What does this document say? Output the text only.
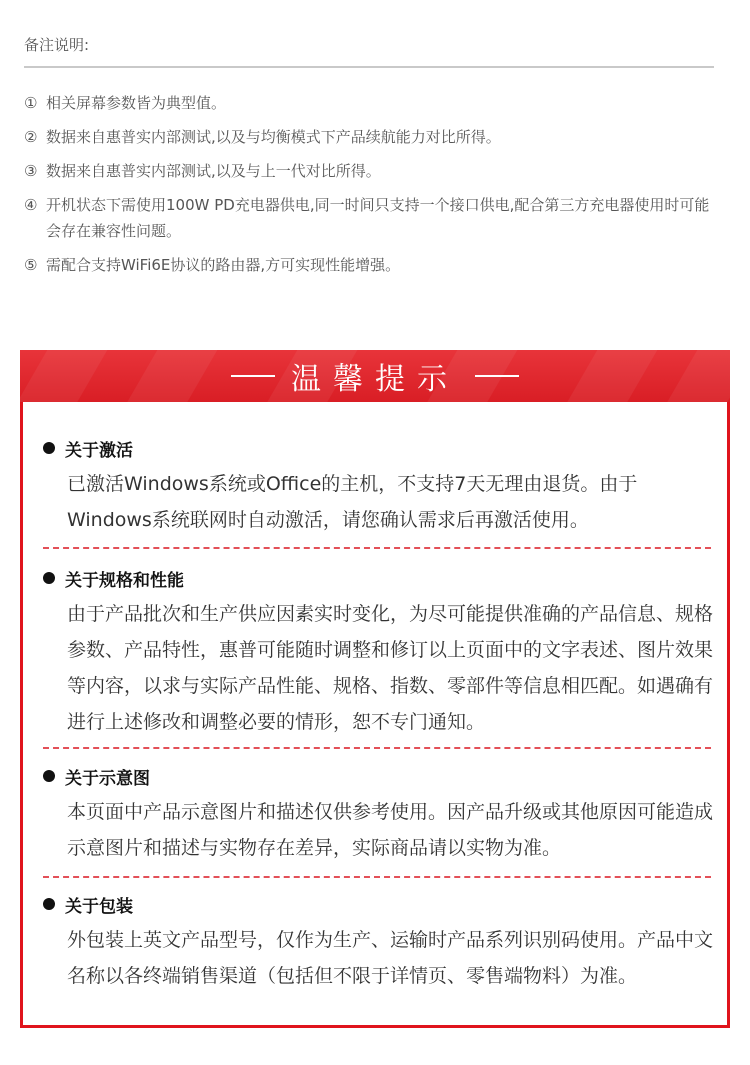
备注说明:
① 相关屏幕参数皆为典型值。
② 数据来自惠普实内部测试,以及与均衡模式下产品续航能力对比所得。
③ 数据来自惠普实内部测试,以及与上一代对比所得。
④ 开机状态下需使用100W PD充电器供电,同一时间只支持一个接口供电,配合第三方充电器使用时可能会存在兼容性问题。
⑤ 需配合支持WiFi6E协议的路由器,方可实现性能增强。
温馨提示
关于激活
已激活Windows系统或Office的主机，不支持7天无理由退货。由于Windows系统联网时自动激活，请您确认需求后再激活使用。
关于规格和性能
由于产品批次和生产供应因素实时变化，为尽可能提供准确的产品信息、规格参数、产品特性，惠普可能随时调整和修订以上页面中的文字表述、图片效果等内容，以求与实际产品性能、规格、指数、零部件等信息相匹配。如遇确有进行上述修改和调整必要的情形，恕不专门通知。
关于示意图
本页面中产品示意图片和描述仅供参考使用。因产品升级或其他原因可能造成示意图片和描述与实物存在差异，实际商品请以实物为准。
关于包装
外包装上英文产品型号，仅作为生产、运输时产品系列识别码使用。产品中文名称以各终端销售渠道（包括但不限于详情页、零售端物料）为准。
